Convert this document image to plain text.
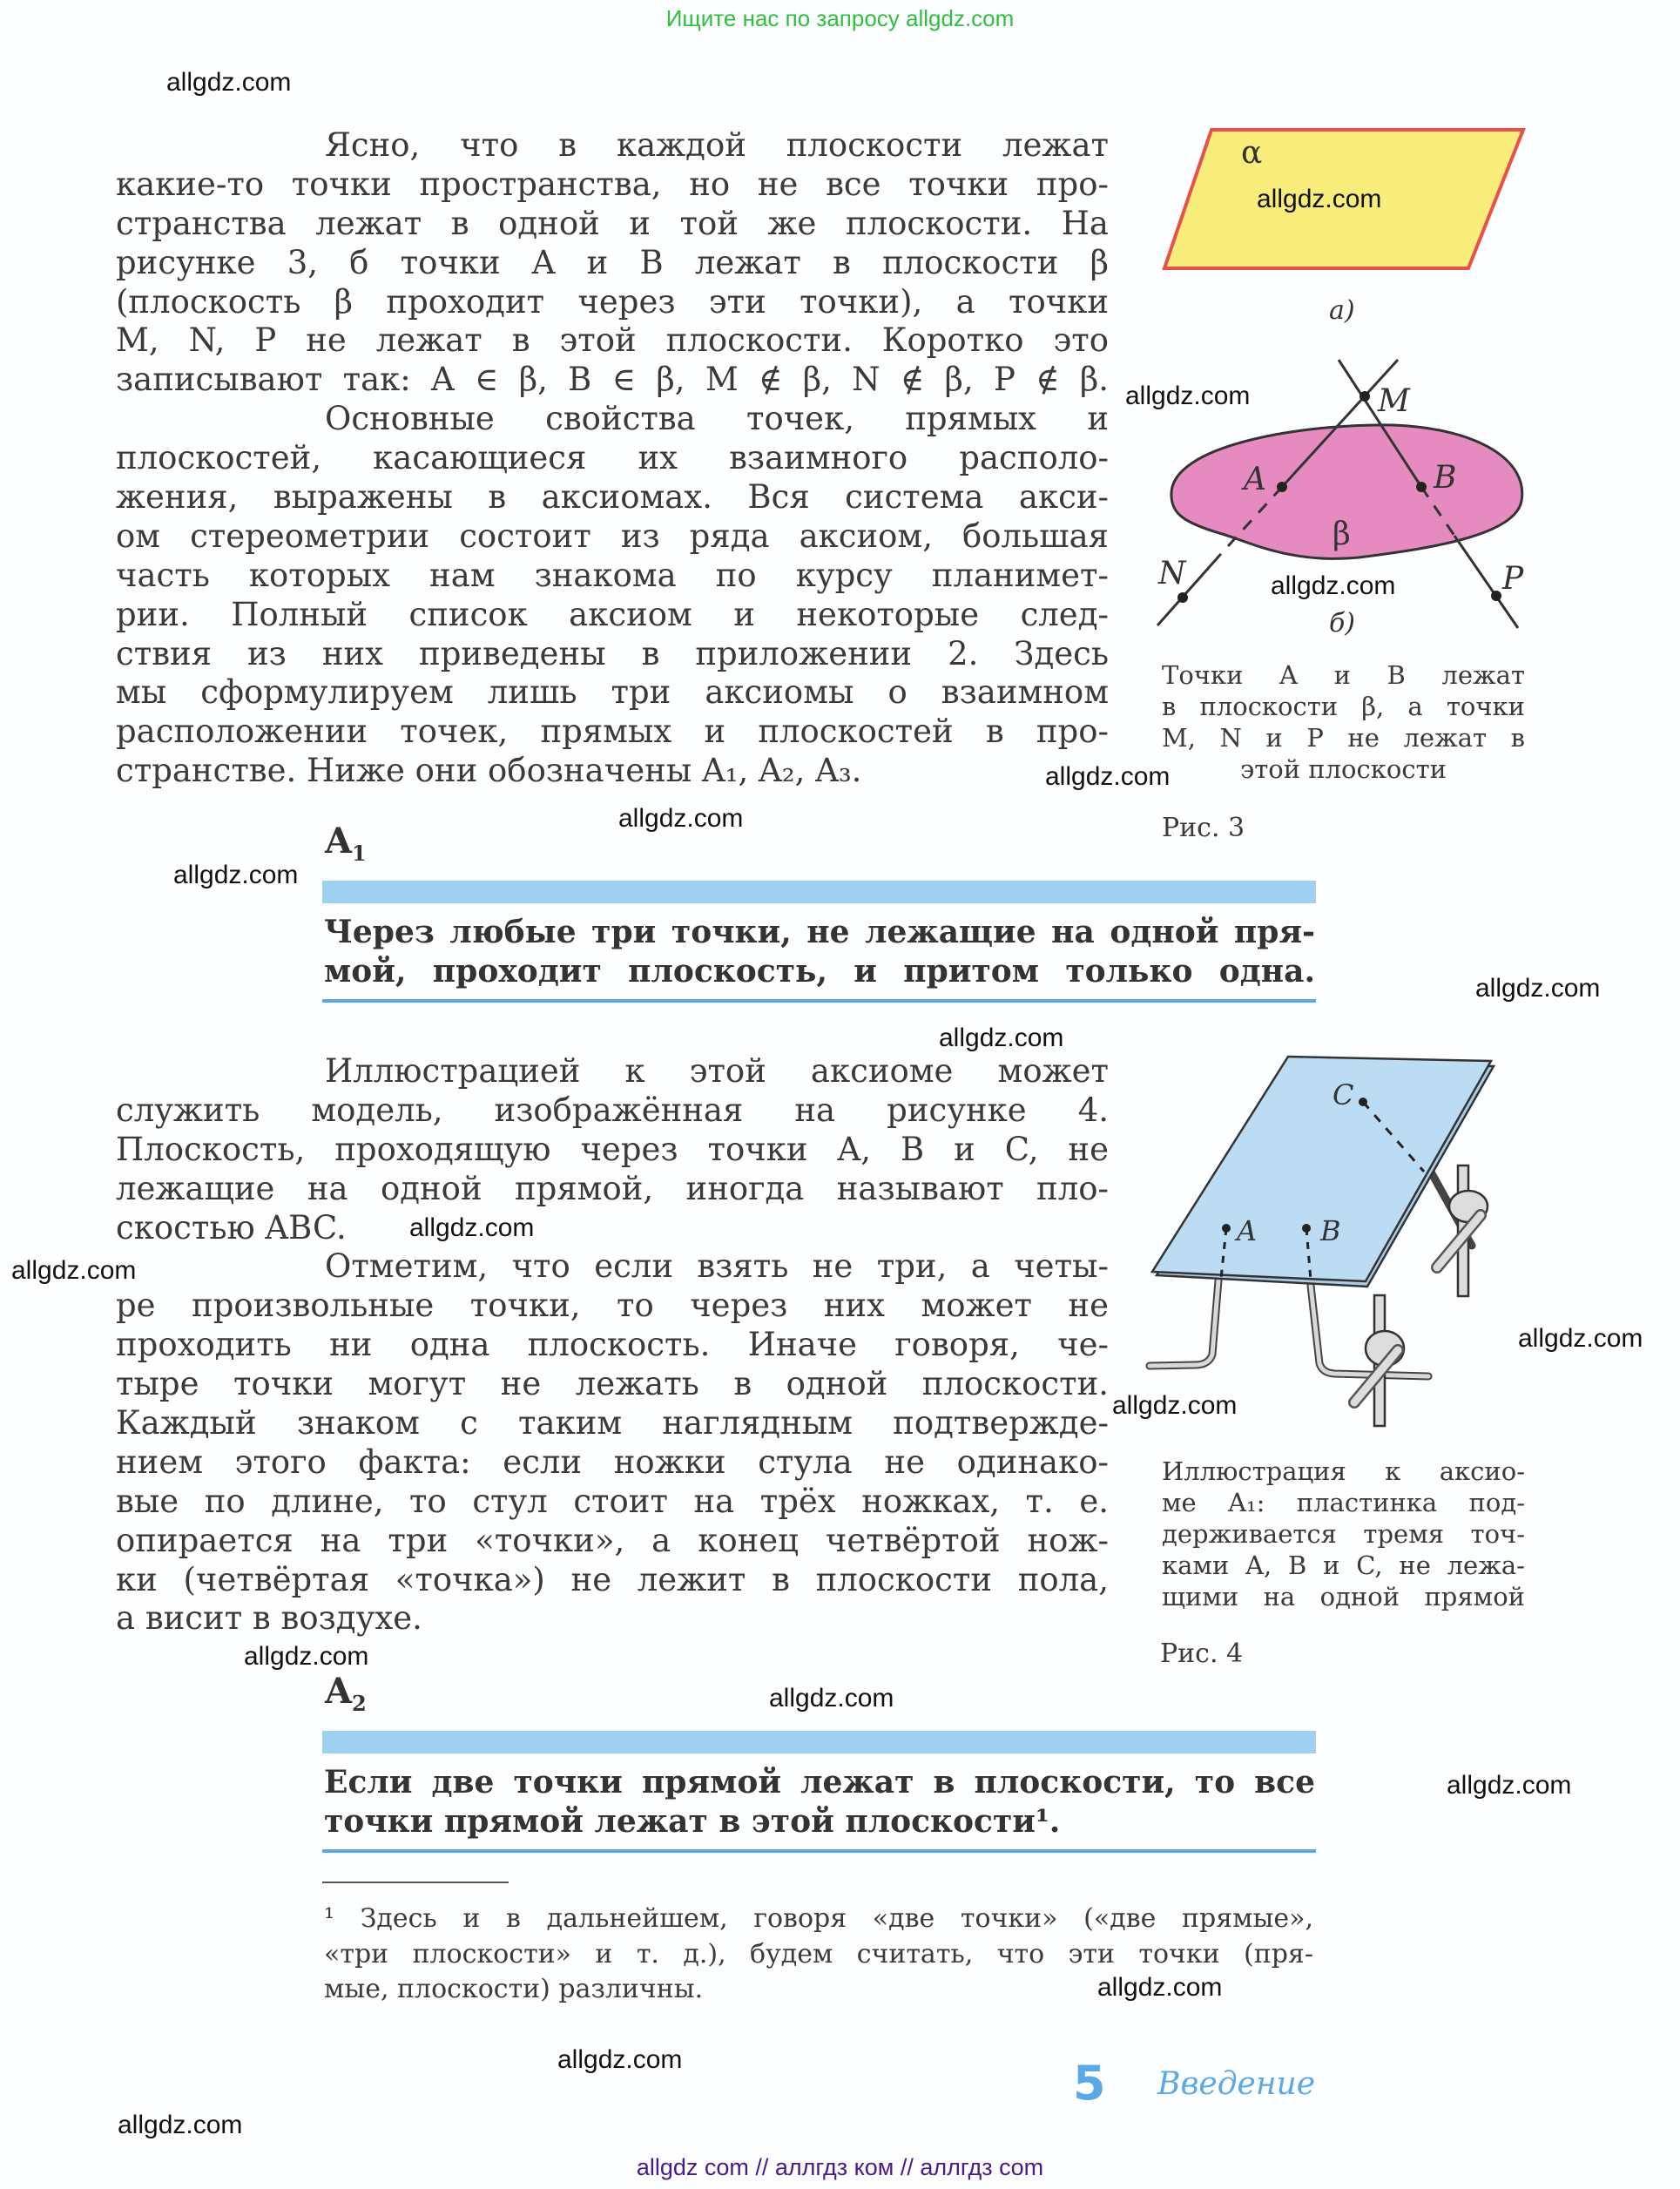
Ищите нас по запросу allgdz.com
Ясно, что в каждой плоскости лежат
какие-то точки пространства, но не все точки про-
странства лежат в одной и той же плоскости. На
рисунке 3, б точки A и B лежат в плоскости β
(плоскость β проходит через эти точки), а точки
M, N, P не лежат в этой плоскости. Коротко это
записывают так: A ∈ β, B ∈ β, M ∉ β, N ∉ β, P ∉ β.
Основные свойства точек, прямых и
плоскостей, касающиеся их взаимного располо-
жения, выражены в аксиомах. Вся система акси-
ом стереометрии состоит из ряда аксиом, большая
часть которых нам знакома по курсу планимет-
рии. Полный список аксиом и некоторые след-
ствия из них приведены в приложении 2. Здесь
мы сформулируем лишь три аксиомы о взаимном
расположении точек, прямых и плоскостей в про-
странстве. Ниже они обозначены A₁, A₂, A₃.
$A_1$
Через любые три точки, не лежащие на одной пря-
мой, проходит плоскость, и притом только одна.
Иллюстрацией к этой аксиоме может
служить модель, изображённая на рисунке 4.
Плоскость, проходящую через точки A, B и C, не
лежащие на одной прямой, иногда называют пло-
скостью ABC.
Отметим, что если взять не три, а четы-
ре произвольные точки, то через них может не
проходить ни одна плоскость. Иначе говоря, че-
тыре точки могут не лежать в одной плоскости.
Каждый знаком с таким наглядным подтвержде-
нием этого факта: если ножки стула не одинако-
вые по длине, то стул стоит на трёх ножках, т. е.
опирается на три «точки», а конец четвёртой нож-
ки (четвёртая «точка») не лежит в плоскости пола,
а висит в воздухе.
$A_2$
Если две точки прямой лежат в плоскости, то все
точки прямой лежат в этой плоскости¹.
¹ Здесь и в дальнейшем, говоря «две точки» («две прямые»,
«три плоскости» и т. д.), будем считать, что эти точки (пря-
мые, плоскости) различны.
α
а)
M
A	B
β
N	P
б)
Точки A и B лежат
в плоскости β, а точки
M, N и P не лежат в
этой плоскости
Рис. 3
C
A B
Иллюстрация к аксио-
ме A₁: пластинка под-
держивается тремя точ-
ками A, B и C, не лежа-
щими на одной прямой
Рис. 4
5 Введение
allgdz com // аллгдз ком // аллгдз com
allgdz.com
allgdz.com
allgdz.com
allgdz.com
allgdz.com
allgdz.com
allgdz.com
allgdz.com
allgdz.com
allgdz.com
allgdz.com
allgdz.com
allgdz.com
allgdz.com
allgdz.com
allgdz.com
allgdz.com
allgdz.com
allgdz.com
